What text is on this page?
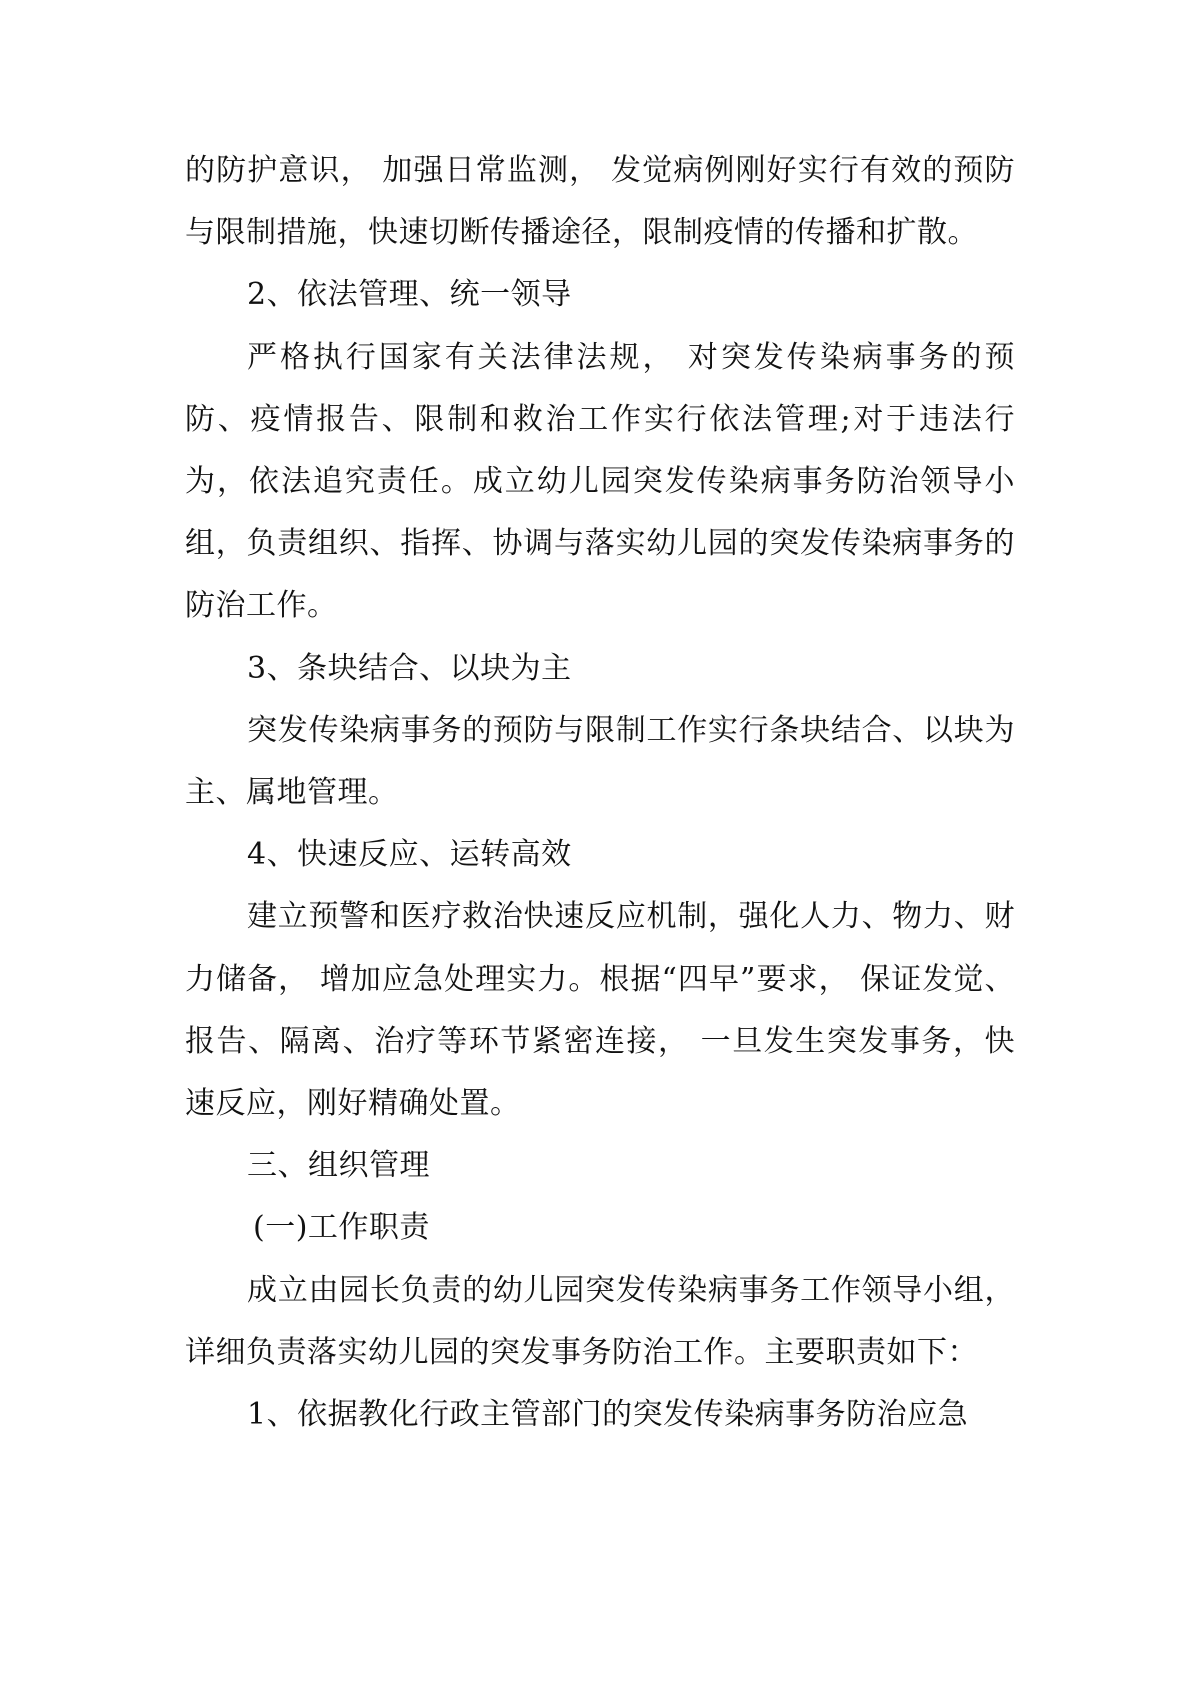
的防护意识， 加强日常监测， 发觉病例刚好实行有效的预防与限制措施，快速切断传播途径，限制疫情的传播和扩散。

2、依法管理、统一领导

严格执行国家有关法律法规， 对突发传染病事务的预防、疫情报告、限制和救治工作实行依法管理;对于违法行为，依法追究责任。成立幼儿园突发传染病事务防治领导小组，负责组织、指挥、协调与落实幼儿园的突发传染病事务的防治工作。

3、条块结合、以块为主

突发传染病事务的预防与限制工作实行条块结合、以块为主、属地管理。

4、快速反应、运转高效

建立预警和医疗救治快速反应机制，强化人力、物力、财力储备， 增加应急处理实力。根据“四早”要求， 保证发觉、报告、隔离、治疗等环节紧密连接， 一旦发生突发事务，快速反应，刚好精确处置。

三、组织管理

(一)工作职责

成立由园长负责的幼儿园突发传染病事务工作领导小组， 详细负责落实幼儿园的突发事务防治工作。主要职责如下：

1、依据教化行政主管部门的突发传染病事务防治应急
